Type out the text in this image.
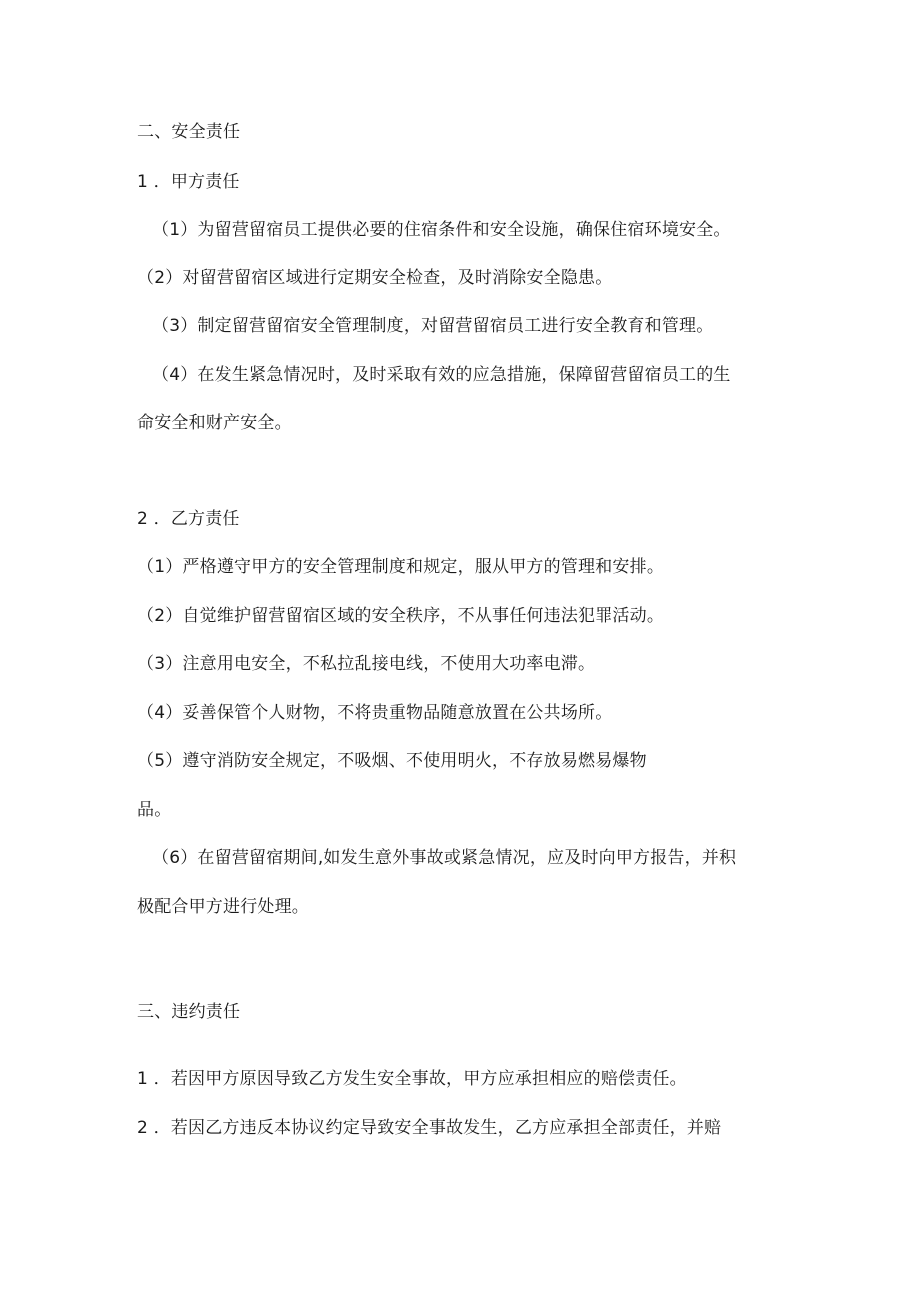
二、安全责任
1 ．甲方责任
（1）为留营留宿员工提供必要的住宿条件和安全设施，确保住宿环境安全。
（2）对留营留宿区域进行定期安全检查，及时消除安全隐患。
（3）制定留营留宿安全管理制度，对留营留宿员工进行安全教育和管理。
（4）在发生紧急情况时，及时采取有效的应急措施，保障留营留宿员工的生
命安全和财产安全。
2 ．乙方责任
（1）严格遵守甲方的安全管理制度和规定，服从甲方的管理和安排。
（2）自觉维护留营留宿区域的安全秩序，不从事任何违法犯罪活动。
（3）注意用电安全，不私拉乱接电线，不使用大功率电滞。
（4）妥善保管个人财物，不将贵重物品随意放置在公共场所。
（5）遵守消防安全规定，不吸烟、不使用明火，不存放易燃易爆物
品。
（6）在留营留宿期间,如发生意外事故或紧急情况，应及时向甲方报告，并积
极配合甲方进行处理。
三、违约责任
1 ．若因甲方原因导致乙方发生安全事故，甲方应承担相应的赔偿责任。
2 ．若因乙方违反本协议约定导致安全事故发生，乙方应承担全部责任，并赔
